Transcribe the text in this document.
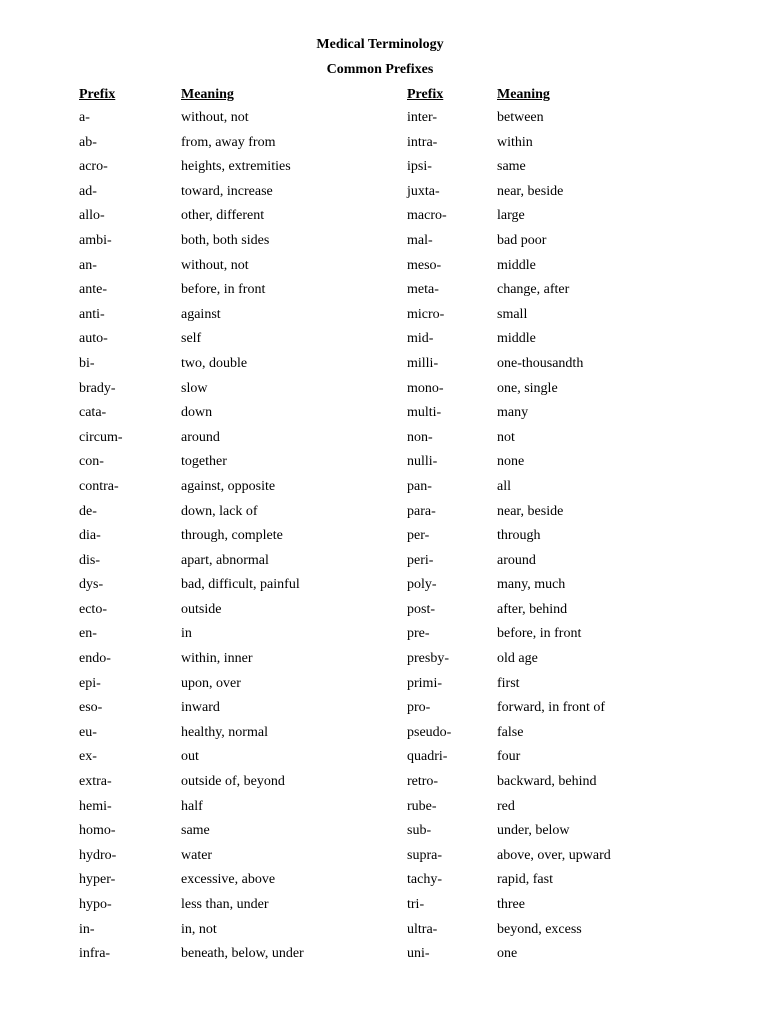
Medical Terminology
Common Prefixes
Prefix	Meaning	Prefix	Meaning
a-	without, not	inter-	between
ab-	from, away from	intra-	within
acro-	heights, extremities	ipsi-	same
ad-	toward, increase	juxta-	near, beside
allo-	other, different	macro-	large
ambi-	both, both sides	mal-	bad poor
an-	without, not	meso-	middle
ante-	before, in front	meta-	change, after
anti-	against	micro-	small
auto-	self	mid-	middle
bi-	two, double	milli-	one-thousandth
brady-	slow	mono-	one, single
cata-	down	multi-	many
circum-	around	non-	not
con-	together	nulli-	none
contra-	against, opposite	pan-	all
de-	down, lack of	para-	near, beside
dia-	through, complete	per-	through
dis-	apart, abnormal	peri-	around
dys-	bad, difficult, painful	poly-	many, much
ecto-	outside	post-	after, behind
en-	in	pre-	before, in front
endo-	within, inner	presby-	old age
epi-	upon, over	primi-	first
eso-	inward	pro-	forward, in front of
eu-	healthy, normal	pseudo-	false
ex-	out	quadri-	four
extra-	outside of, beyond	retro-	backward, behind
hemi-	half	rube-	red
homo-	same	sub-	under, below
hydro-	water	supra-	above, over, upward
hyper-	excessive, above	tachy-	rapid, fast
hypo-	less than, under	tri-	three
in-	in, not	ultra-	beyond, excess
infra-	beneath, below, under	uni-	one
